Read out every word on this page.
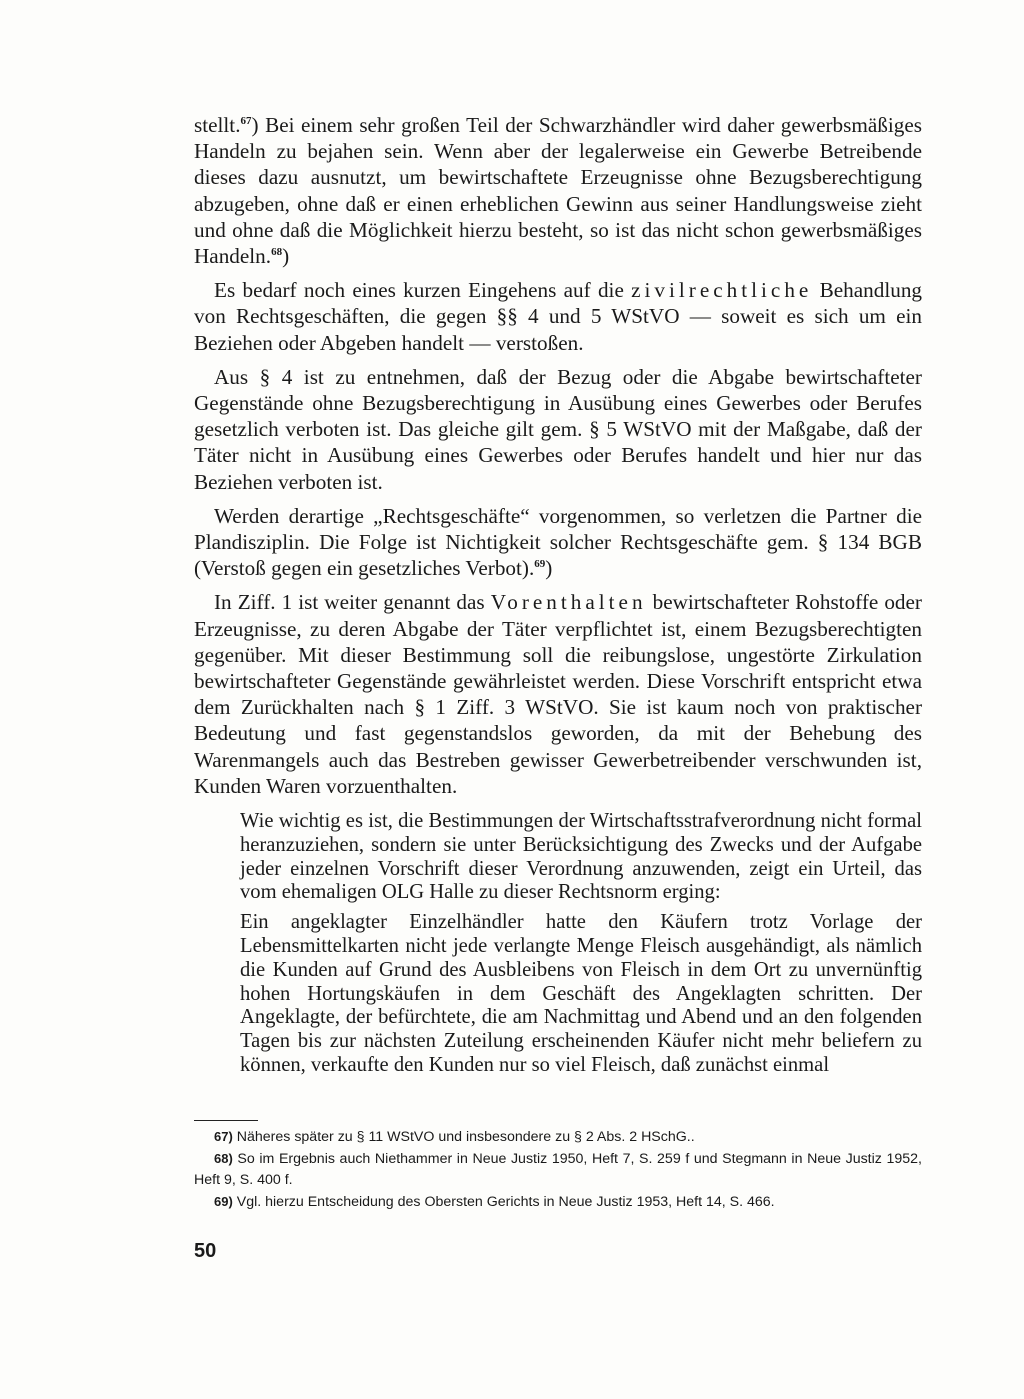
stellt.$^{67}$) Bei einem sehr großen Teil der Schwarzhändler wird daher gewerbsmäßiges Handeln zu bejahen sein. Wenn aber der legalerweise ein Gewerbe Betreibende dieses dazu ausnutzt, um bewirtschaftete Erzeugnisse ohne Bezugsberechtigung abzugeben, ohne daß er einen erheblichen Gewinn aus seiner Handlungsweise zieht und ohne daß die Möglichkeit hierzu besteht, so ist das nicht schon gewerbsmäßiges Handeln.$^{68}$)

Es bedarf noch eines kurzen Eingehens auf die zivilrechtliche Behandlung von Rechtsgeschäften, die gegen §§ 4 und 5 WStVO — soweit es sich um ein Beziehen oder Abgeben handelt — verstoßen.

Aus § 4 ist zu entnehmen, daß der Bezug oder die Abgabe bewirtschafteter Gegenstände ohne Bezugsberechtigung in Ausübung eines Gewerbes oder Berufes gesetzlich verboten ist. Das gleiche gilt gem. § 5 WStVO mit der Maßgabe, daß der Täter nicht in Ausübung eines Gewerbes oder Berufes handelt und hier nur das Beziehen verboten ist.

Werden derartige „Rechtsgeschäfte“ vorgenommen, so verletzen die Partner die Plandisziplin. Die Folge ist Nichtigkeit solcher Rechtsgeschäfte gem. § 134 BGB (Verstoß gegen ein gesetzliches Verbot).$^{69}$)

In Ziff. 1 ist weiter genannt das Vorenthalten bewirtschafteter Rohstoffe oder Erzeugnisse, zu deren Abgabe der Täter verpflichtet ist, einem Bezugsberechtigten gegenüber. Mit dieser Bestimmung soll die reibungslose, ungestörte Zirkulation bewirtschafteter Gegenstände gewährleistet werden. Diese Vorschrift entspricht etwa dem Zurückhalten nach § 1 Ziff. 3 WStVO. Sie ist kaum noch von praktischer Bedeutung und fast gegenstandslos geworden, da mit der Behebung des Warenmangels auch das Bestreben gewisser Gewerbetreibender verschwunden ist, Kunden Waren vorzuenthalten.

Wie wichtig es ist, die Bestimmungen der Wirtschaftsstrafverordnung nicht formal heranzuziehen, sondern sie unter Berücksichtigung des Zwecks und der Aufgabe jeder einzelnen Vorschrift dieser Verordnung anzuwenden, zeigt ein Urteil, das vom ehemaligen OLG Halle zu dieser Rechtsnorm erging:

Ein angeklagter Einzelhändler hatte den Käufern trotz Vorlage der Lebensmittelkarten nicht jede verlangte Menge Fleisch ausgehändigt, als nämlich die Kunden auf Grund des Ausbleibens von Fleisch in dem Ort zu unvernünftig hohen Hortungskäufen in dem Geschäft des Angeklagten schritten. Der Angeklagte, der befürchtete, die am Nachmittag und Abend und an den folgenden Tagen bis zur nächsten Zuteilung erscheinenden Käufer nicht mehr beliefern zu können, verkaufte den Kunden nur so viel Fleisch, daß zunächst einmal

67) Näheres später zu § 11 WStVO und insbesondere zu § 2 Abs. 2 HSchG..

68) So im Ergebnis auch Niethammer in Neue Justiz 1950, Heft 7, S. 259 f und Stegmann in Neue Justiz 1952, Heft 9, S. 400 f.

69) Vgl. hierzu Entscheidung des Obersten Gerichts in Neue Justiz 1953, Heft 14, S. 466.

50
